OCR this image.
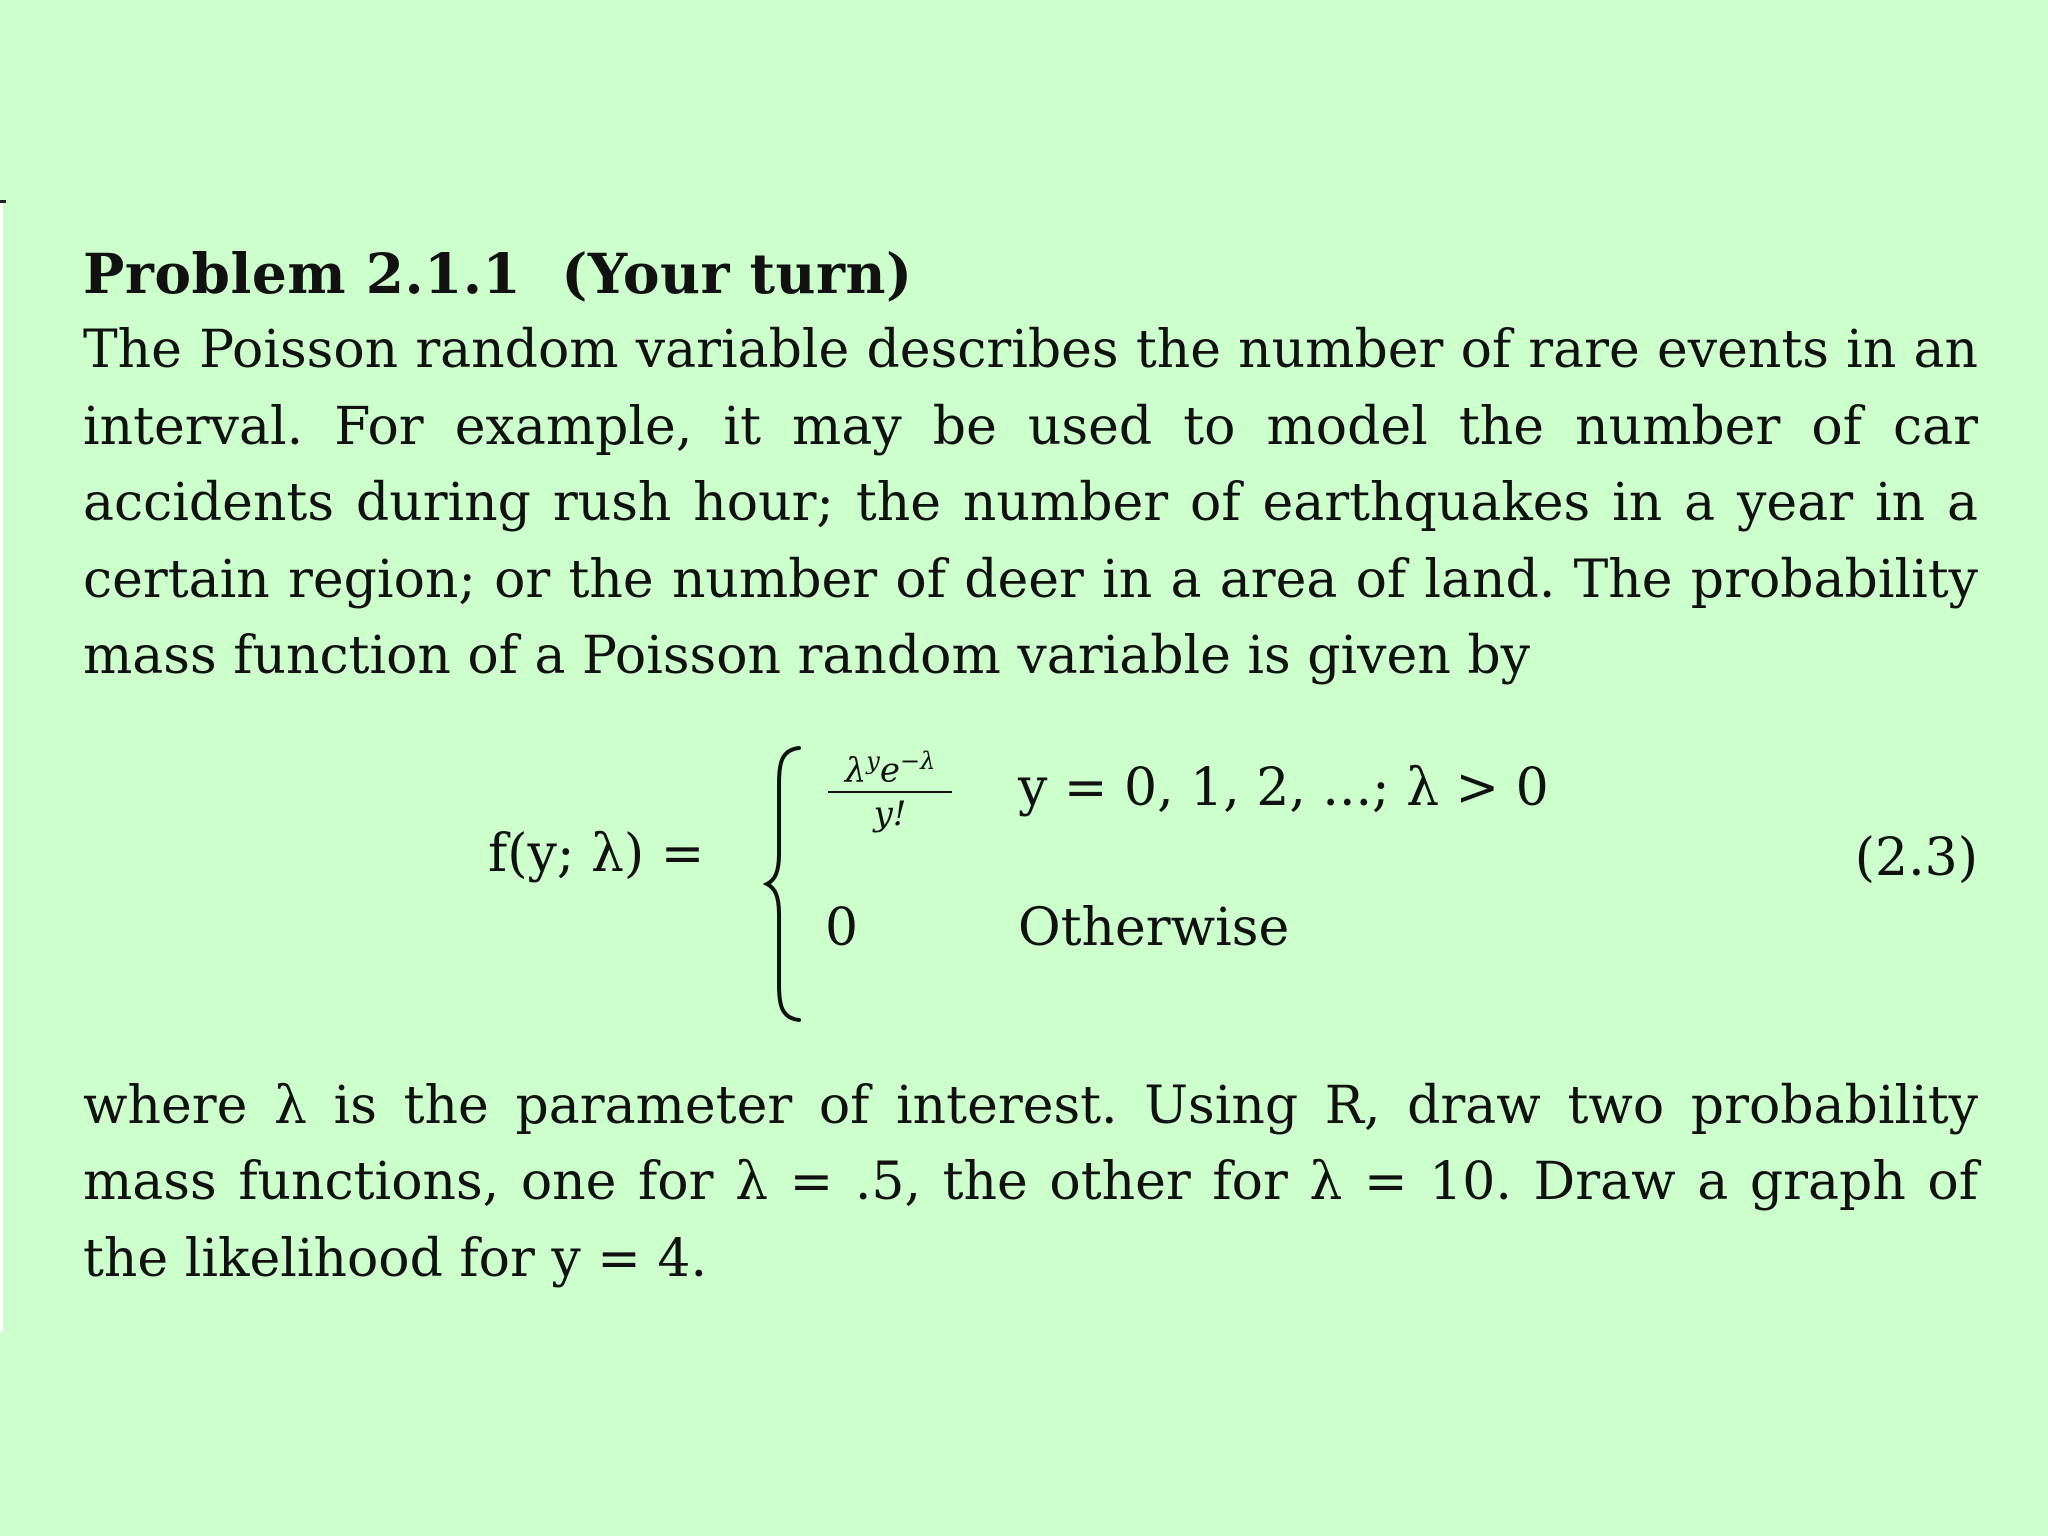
Problem 2.1.1 (Your turn)

The Poisson random variable describes the number of rare events in an interval. For example, it may be used to model the number of car accidents during rush hour; the number of earthquakes in a year in a certain region; or the number of deer in a area of land. The probability mass function of a Poisson random variable is given by

f(y; λ) =
$\lambda^ye^{-\lambda}$
y!	y = 0, 1, 2, ...; λ > 0
0	Otherwise
(2.3)

where λ is the parameter of interest. Using R, draw two probability mass functions, one for λ = .5, the other for λ = 10. Draw a graph of the likelihood for y = 4.
